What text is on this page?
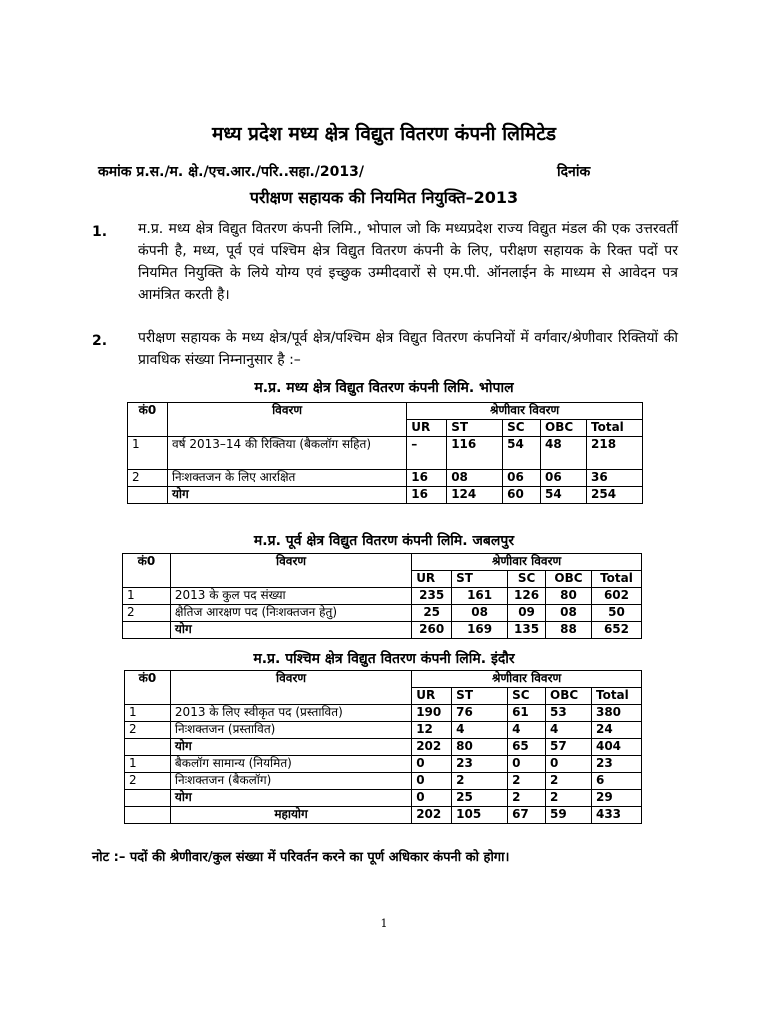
मध्य प्रदेश मध्य क्षेत्र विद्युत वितरण कंपनी लिमिटेड
कमांक प्र.स./म. क्षे./एच.आर./परि..सहा./2013/	दिनांक
परीक्षण सहायक की नियमित नियुक्ति–2013
1. म.प्र. मध्य क्षेत्र विद्युत वितरण कंपनी लिमि., भोपाल जो कि मध्यप्रदेश राज्य विद्युत मंडल की एक उत्तरवर्ती कंपनी है, मध्य, पूर्व एवं पश्चिम क्षेत्र विद्युत वितरण कंपनी के लिए, परीक्षण सहायक के रिक्त पदों पर नियमित नियुक्ति के लिये योग्य एवं इच्छुक उम्मीदवारों से एम.पी. ऑनलाईन के माध्यम से आवेदन पत्र आमंत्रित करती है।
2. परीक्षण सहायक के मध्य क्षेत्र/पूर्व क्षेत्र/पश्चिम क्षेत्र विद्युत वितरण कंपनियों में वर्गवार/श्रेणीवार रिक्तियों की प्रावधिक संख्या निम्नानुसार है :–
म.प्र. मध्य क्षेत्र विद्युत वितरण कंपनी लिमि. भोपाल
कं0	विवरण	श्रेणीवार विवरण				
		UR	ST	SC	OBC	Total
1	वर्ष 2013–14 की रिक्तिया (बैकलॉग सहित)	–	116	54	48	218
2	निःशक्तजन के लिए आरक्षित	16	08	06	06	36
	योग	16	124	60	54	254
म.प्र. पूर्व क्षेत्र विद्युत वितरण कंपनी लिमि. जबलपुर
कं0	विवरण	श्रेणीवार विवरण				
		UR	ST	SC	OBC	Total
1	2013 के कुल पद संख्या	235	161	126	80	602
2	क्षैतिज आरक्षण पद (निःशक्तजन हेतु)	25	08	09	08	50
	योग	260	169	135	88	652
म.प्र. पश्चिम क्षेत्र विद्युत वितरण कंपनी लिमि. इंदौर
कं0	विवरण	श्रेणीवार विवरण				
		UR	ST	SC	OBC	Total
1	2013 के लिए स्वीकृत पद (प्रस्तावित)	190	76	61	53	380
2	निःशक्तजन (प्रस्तावित)	12	4	4	4	24
	योग	202	80	65	57	404
1	बैकलॉग सामान्य (नियमित)	0	23	0	0	23
2	निःशक्तजन (बैकलॉग)	0	2	2	2	6
	योग	0	25	2	2	29
	महायोग	202	105	67	59	433
नोट :– पदों की श्रेणीवार/कुल संख्या में परिवर्तन करने का पूर्ण अधिकार कंपनी को होगा।
1
